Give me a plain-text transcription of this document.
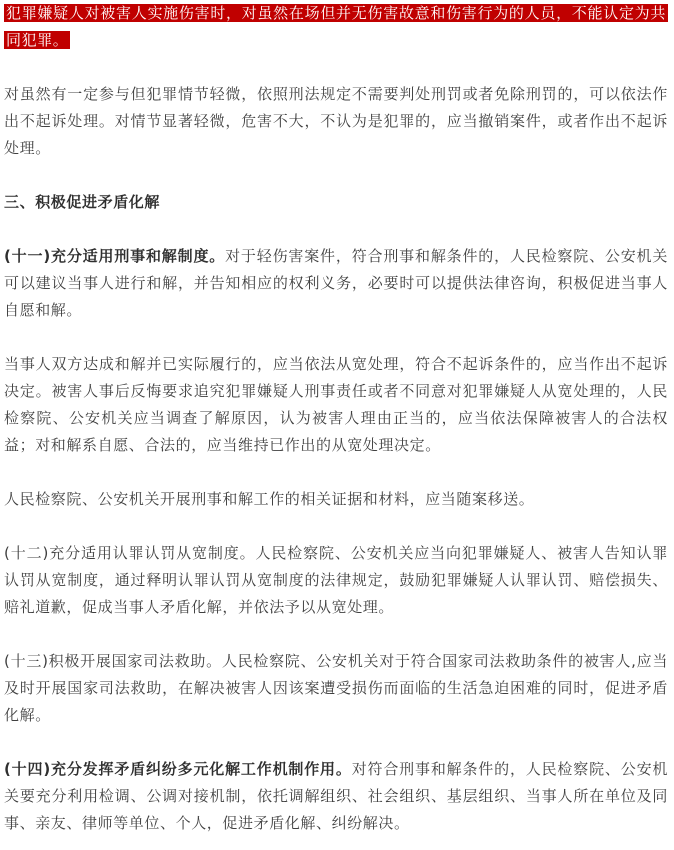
犯罪嫌疑人对被害人实施伤害时，对虽然在场但并无伤害故意和伤害行为的人员，不能认定为共同犯罪。

对虽然有一定参与但犯罪情节轻微，依照刑法规定不需要判处刑罚或者免除刑罚的，可以依法作出不起诉处理。对情节显著轻微，危害不大，不认为是犯罪的，应当撤销案件，或者作出不起诉处理。

三、积极促进矛盾化解

(十一)充分适用刑事和解制度。对于轻伤害案件，符合刑事和解条件的，人民检察院、公安机关可以建议当事人进行和解，并告知相应的权利义务，必要时可以提供法律咨询，积极促进当事人自愿和解。

当事人双方达成和解并已实际履行的，应当依法从宽处理，符合不起诉条件的，应当作出不起诉决定。被害人事后反悔要求追究犯罪嫌疑人刑事责任或者不同意对犯罪嫌疑人从宽处理的，人民检察院、公安机关应当调查了解原因，认为被害人理由正当的，应当依法保障被害人的合法权益；对和解系自愿、合法的，应当维持已作出的从宽处理决定。

人民检察院、公安机关开展刑事和解工作的相关证据和材料，应当随案移送。

(十二)充分适用认罪认罚从宽制度。人民检察院、公安机关应当向犯罪嫌疑人、被害人告知认罪认罚从宽制度，通过释明认罪认罚从宽制度的法律规定，鼓励犯罪嫌疑人认罪认罚、赔偿损失、赔礼道歉，促成当事人矛盾化解，并依法予以从宽处理。

(十三)积极开展国家司法救助。人民检察院、公安机关对于符合国家司法救助条件的被害人,应当及时开展国家司法救助，在解决被害人因该案遭受损伤而面临的生活急迫困难的同时，促进矛盾化解。

(十四)充分发挥矛盾纠纷多元化解工作机制作用。对符合刑事和解条件的，人民检察院、公安机关要充分利用检调、公调对接机制，依托调解组织、社会组织、基层组织、当事人所在单位及同事、亲友、律师等单位、个人，促进矛盾化解、纠纷解决。
